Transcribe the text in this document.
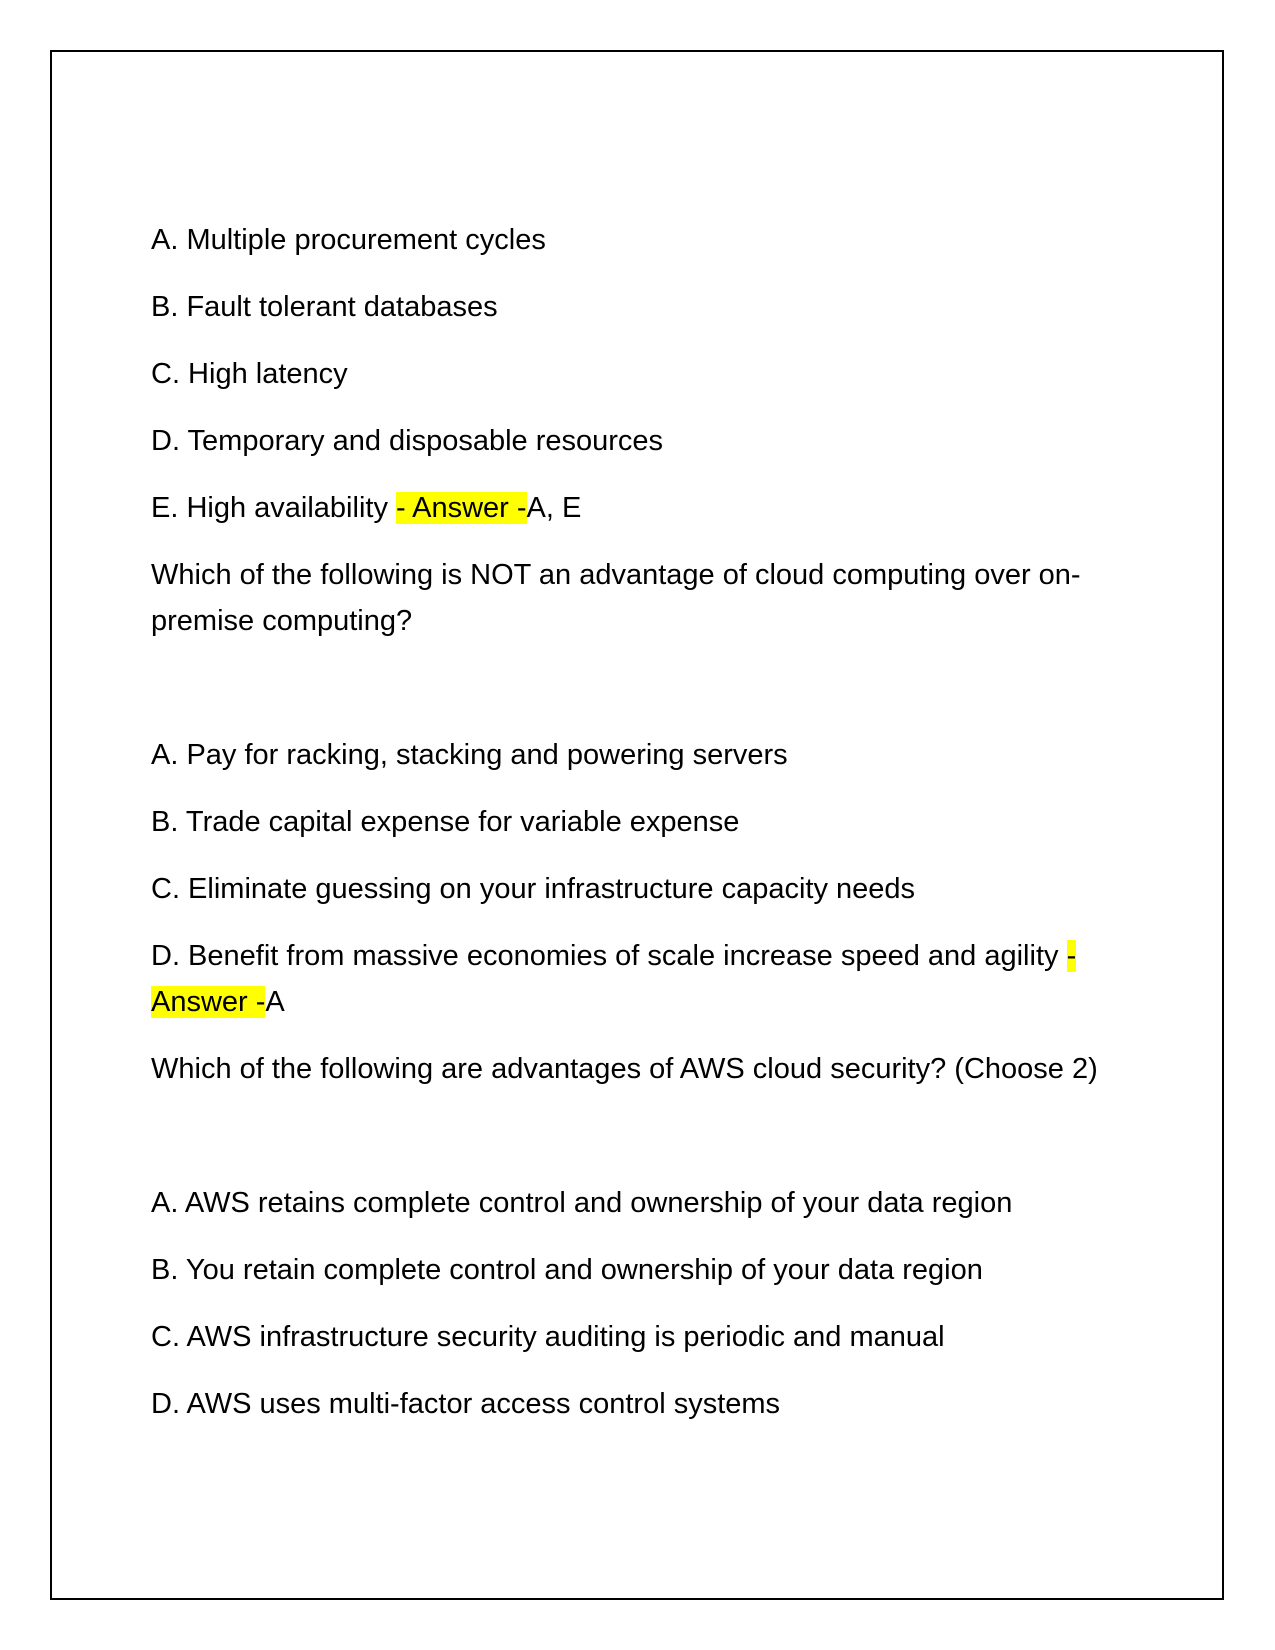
A. Multiple procurement cycles

B. Fault tolerant databases

C. High latency

D. Temporary and disposable resources

E. High availability - Answer -A, E

Which of the following is NOT an advantage of cloud computing over on-premise computing?

A. Pay for racking, stacking and powering servers

B. Trade capital expense for variable expense

C. Eliminate guessing on your infrastructure capacity needs

D. Benefit from massive economies of scale increase speed and agility - Answer -A

Which of the following are advantages of AWS cloud security? (Choose 2)

A. AWS retains complete control and ownership of your data region

B. You retain complete control and ownership of your data region

C. AWS infrastructure security auditing is periodic and manual

D. AWS uses multi-factor access control systems
